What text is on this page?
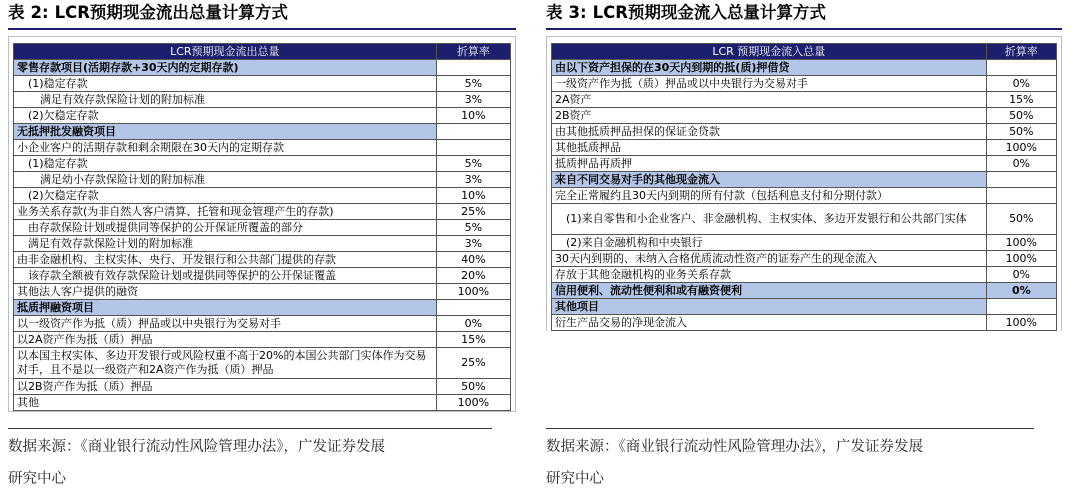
表 2: LCR预期现金流出总量计算方式
LCR预期现金流出总量	折算率
零售存款项目(活期存款+30天内的定期存款)	
(1)稳定存款	5%
满足有效存款保险计划的附加标准	3%
(2)欠稳定存款	10%
无抵押批发融资项目	
小企业客户的活期存款和剩余期限在30天内的定期存款	
(1)稳定存款	5%
满足幼小存款保险计划的附加标准	3%
(2)欠稳定存款	10%
业务关系存款(为非自然人客户清算、托管和现金管理产生的存款)	25%
由存款保险计划或提供同等保护的公开保证所覆盖的部分	5%
满足有效存款保险计划的附加标准	3%
由非金融机构、主权实体、央行、开发银行和公共部门提供的存款	40%
该存款全额被有效存款保险计划或提供同等保护的公开保证覆盖	20%
其他法人客户提供的融资	100%
抵质押融资项目	
以一级资产作为抵（质）押品或以中央银行为交易对手	0%
以2A资产作为抵（质）押品	15%
以本国主权实体、多边开发银行或风险权重不高于20%的本国公共部门实体作为交易对手，且不是以一级资产和2A资产作为抵（质）押品	25%
以2B资产作为抵（质）押品	50%
其他	100%
表 3: LCR预期现金流入总量计算方式
LCR 预期现金流入总量	折算率
由以下资产担保的在30天内到期的抵(质)押借贷	
一级资产作为抵（质）押品或以中央银行为交易对手	0%
2A资产	15%
2B资产	50%
由其他抵质押品担保的保证金贷款	50%
其他抵质押品	100%
抵质押品再质押	0%
来自不同交易对手的其他现金流入	
完全正常履约且30天内到期的所有付款（包括利息支付和分期付款）	
(1)来自零售和小企业客户、非金融机构、主权实体、多边开发银行和公共部门实体	50%
(2)来自金融机构和中央银行	100%
30天内到期的、未纳入合格优质流动性资产的证券产生的现金流入	100%
存放于其他金融机构的业务关系存款	0%
信用便利、流动性便利和或有融资便利	0%
其他项目	
衍生产品交易的净现金流入	100%
数据来源：《商业银行流动性风险管理办法》，广发证券发展
研究中心
数据来源：《商业银行流动性风险管理办法》，广发证券发展
研究中心
